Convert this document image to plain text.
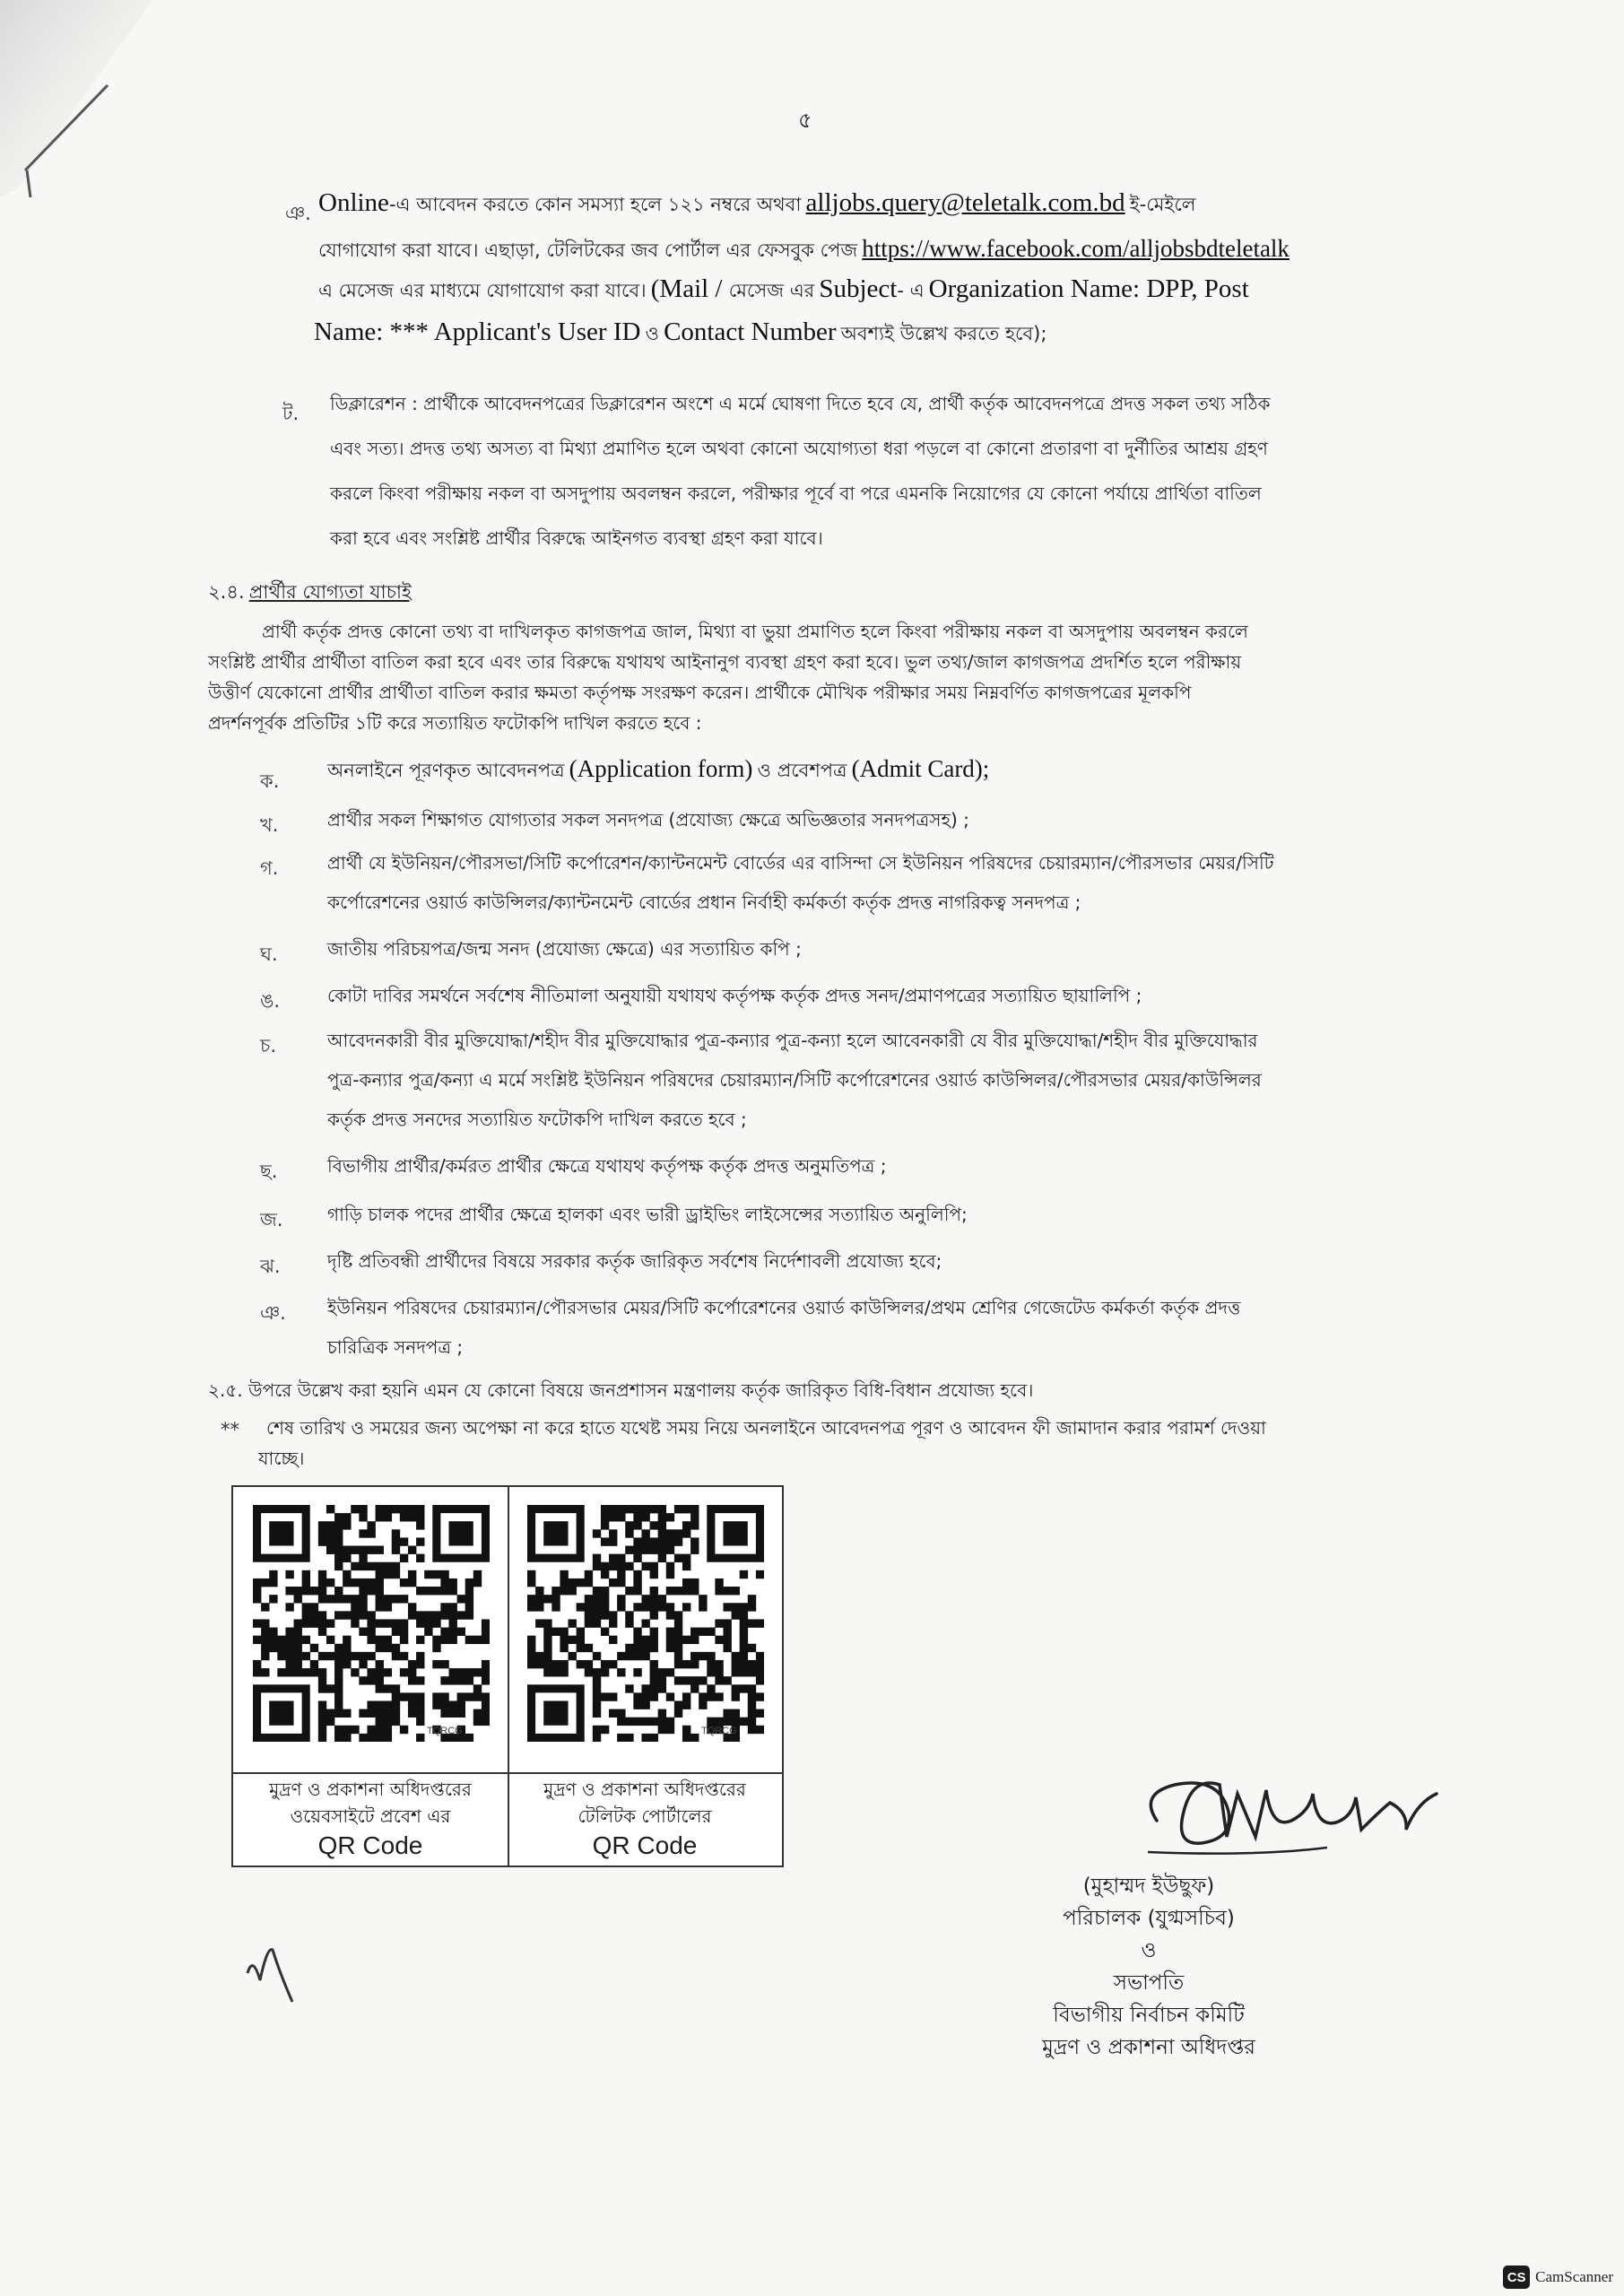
৫
ঞ. Online-এ আবেদন করতে কোন সমস্যা হলে ১২১ নম্বরে অথবা alljobs.query@teletalk.com.bd ই-মেইলে
যোগাযোগ করা যাবে। এছাড়া, টেলিটকের জব পোর্টাল এর ফেসবুক পেজ https://www.facebook.com/alljobsbdteletalk
এ মেসেজ এর মাধ্যমে যোগাযোগ করা যাবে। (Mail / মেসেজ এর Subject- এ Organization Name: DPP, Post
Name: *** Applicant's User ID ও Contact Number অবশ্যই উল্লেখ করতে হবে);
ট. ডিক্লারেশন : প্রার্থীকে আবেদনপত্রের ডিক্লারেশন অংশে এ মর্মে ঘোষণা দিতে হবে যে, প্রার্থী কর্তৃক আবেদনপত্রে প্রদত্ত সকল তথ্য সঠিক
এবং সত্য। প্রদত্ত তথ্য অসত্য বা মিথ্যা প্রমাণিত হলে অথবা কোনো অযোগ্যতা ধরা পড়লে বা কোনো প্রতারণা বা দুর্নীতির আশ্রয় গ্রহণ
করলে কিংবা পরীক্ষায় নকল বা অসদুপায় অবলম্বন করলে, পরীক্ষার পূর্বে বা পরে এমনকি নিয়োগের যে কোনো পর্যায়ে প্রার্থিতা বাতিল
করা হবে এবং সংশ্লিষ্ট প্রার্থীর বিরুদ্ধে আইনগত ব্যবস্থা গ্রহণ করা যাবে।
২.৪. প্রার্থীর যোগ্যতা যাচাই
প্রার্থী কর্তৃক প্রদত্ত কোনো তথ্য বা দাখিলকৃত কাগজপত্র জাল, মিথ্যা বা ভুয়া প্রমাণিত হলে কিংবা পরীক্ষায় নকল বা অসদুপায় অবলম্বন করলে
সংশ্লিষ্ট প্রার্থীর প্রার্থীতা বাতিল করা হবে এবং তার বিরুদ্ধে যথাযথ আইনানুগ ব্যবস্থা গ্রহণ করা হবে। ভুল তথ্য/জাল কাগজপত্র প্রদর্শিত হলে পরীক্ষায়
উত্তীর্ণ যেকোনো প্রার্থীর প্রার্থীতা বাতিল করার ক্ষমতা কর্তৃপক্ষ সংরক্ষণ করেন। প্রার্থীকে মৌখিক পরীক্ষার সময় নিম্নবর্ণিত কাগজপত্রের মূলকপি
প্রদর্শনপূর্বক প্রতিটির ১টি করে সত্যায়িত ফটোকপি দাখিল করতে হবে :
ক.	অনলাইনে পূরণকৃত আবেদনপত্র (Application form) ও প্রবেশপত্র (Admit Card);
খ.	প্রার্থীর সকল শিক্ষাগত যোগ্যতার সকল সনদপত্র (প্রযোজ্য ক্ষেত্রে অভিজ্ঞতার সনদপত্রসহ) ;
গ.	প্রার্থী যে ইউনিয়ন/পৌরসভা/সিটি কর্পোরেশন/ক্যান্টনমেন্ট বোর্ডের এর বাসিন্দা সে ইউনিয়ন পরিষদের চেয়ারম্যান/পৌরসভার মেয়র/সিটি
কর্পোরেশনের ওয়ার্ড কাউন্সিলর/ক্যান্টনমেন্ট বোর্ডের প্রধান নির্বাহী কর্মকর্তা কর্তৃক প্রদত্ত নাগরিকত্ব সনদপত্র ;
ঘ.	জাতীয় পরিচয়পত্র/জন্ম সনদ (প্রযোজ্য ক্ষেত্রে) এর সত্যায়িত কপি ;
ঙ.	কোটা দাবির সমর্থনে সর্বশেষ নীতিমালা অনুযায়ী যথাযথ কর্তৃপক্ষ কর্তৃক প্রদত্ত সনদ/প্রমাণপত্রের সত্যায়িত ছায়ালিপি ;
চ.	আবেদনকারী বীর মুক্তিযোদ্ধা/শহীদ বীর মুক্তিযোদ্ধার পুত্র-কন্যার পুত্র-কন্যা হলে আবেনকারী যে বীর মুক্তিযোদ্ধা/শহীদ বীর মুক্তিযোদ্ধার
পুত্র-কন্যার পুত্র/কন্যা এ মর্মে সংশ্লিষ্ট ইউনিয়ন পরিষদের চেয়ারম্যান/সিটি কর্পোরেশনের ওয়ার্ড কাউন্সিলর/পৌরসভার মেয়র/কাউন্সিলর
কর্তৃক প্রদত্ত সনদের সত্যায়িত ফটোকপি দাখিল করতে হবে ;
ছ.	বিভাগীয় প্রার্থীর/কর্মরত প্রার্থীর ক্ষেত্রে যথাযথ কর্তৃপক্ষ কর্তৃক প্রদত্ত অনুমতিপত্র ;
জ. গাড়ি চালক পদের প্রার্থীর ক্ষেত্রে হালকা এবং ভারী ড্রাইভিং লাইসেন্সের সত্যায়িত অনুলিপি;
ঝ.	দৃষ্টি প্রতিবন্ধী প্রার্থীদের বিষয়ে সরকার কর্তৃক জারিকৃত সর্বশেষ নির্দেশাবলী প্রযোজ্য হবে;
ঞ. ইউনিয়ন পরিষদের চেয়ারম্যান/পৌরসভার মেয়র/সিটি কর্পোরেশনের ওয়ার্ড কাউন্সিলর/প্রথম শ্রেণির গেজেটেড কর্মকর্তা কর্তৃক প্রদত্ত
চারিত্রিক সনদপত্র ;
২.৫. উপরে উল্লেখ করা হয়নি এমন যে কোনো বিষয়ে জনপ্রশাসন মন্ত্রণালয় কর্তৃক জারিকৃত বিধি-বিধান প্রযোজ্য হবে।
** শেষ তারিখ ও সময়ের জন্য অপেক্ষা না করে হাতে যথেষ্ট সময় নিয়ে অনলাইনে আবেদনপত্র পূরণ ও আবেদন ফী জামাদান করার পরামর্শ দেওয়া
যাচ্ছে।
TQRCG
মুদ্রণ ও প্রকাশনা অধিদপ্তরের
ওয়েবসাইটে প্রবেশ এর
QR Code
TQRCG
মুদ্রণ ও প্রকাশনা অধিদপ্তরের
টেলিটক পোর্টালের
QR Code
(মুহাম্মদ ইউছুফ)
পরিচালক (যুগ্মসচিব)
ও
সভাপতি
বিভাগীয় নির্বাচন কমিটি
মুদ্রণ ও প্রকাশনা অধিদপ্তর
CS CamScanner
